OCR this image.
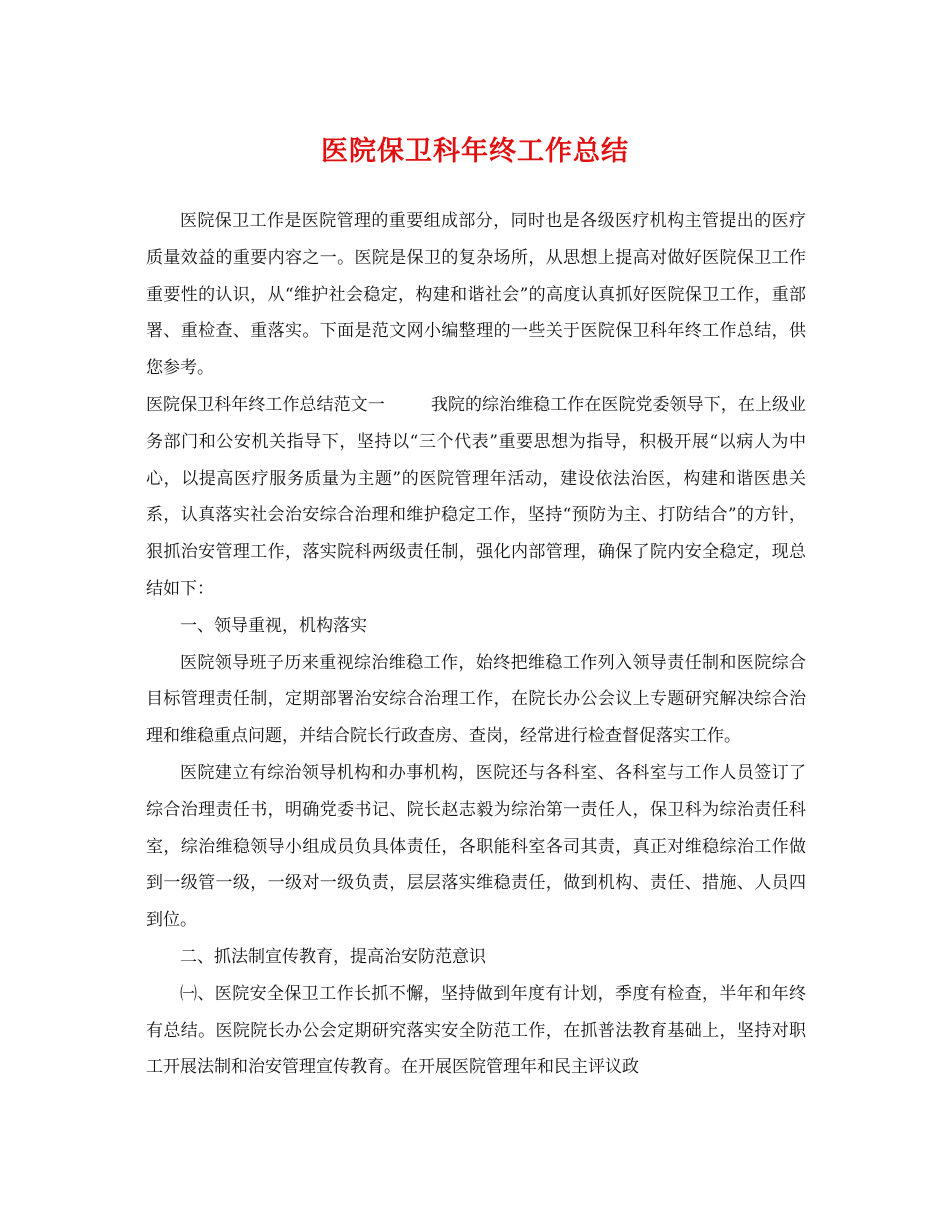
医院保卫科年终工作总结

医院保卫工作是医院管理的重要组成部分，同时也是各级医疗机构主管提出的医疗质量效益的重要内容之一。医院是保卫的复杂场所，从思想上提高对做好医院保卫工作重要性的认识，从“维护社会稳定，构建和谐社会”的高度认真抓好医院保卫工作，重部署、重检查、重落实。下面是范文网小编整理的一些关于医院保卫科年终工作总结，供您参考。

医院保卫科年终工作总结范文一	我院的综治维稳工作在医院党委领导下，在上级业务部门和公安机关指导下，坚持以“三个代表”重要思想为指导，积极开展“以病人为中心，以提高医疗服务质量为主题”的医院管理年活动，建设依法治医，构建和谐医患关系，认真落实社会治安综合治理和维护稳定工作，坚持“预防为主、打防结合”的方针，狠抓治安管理工作，落实院科两级责任制，强化内部管理，确保了院内安全稳定，现总结如下：

一、领导重视，机构落实

医院领导班子历来重视综治维稳工作，始终把维稳工作列入领导责任制和医院综合目标管理责任制，定期部署治安综合治理工作，在院长办公会议上专题研究解决综合治理和维稳重点问题，并结合院长行政查房、查岗，经常进行检查督促落实工作。

医院建立有综治领导机构和办事机构，医院还与各科室、各科室与工作人员签订了综合治理责任书，明确党委书记、院长赵志毅为综治第一责任人，保卫科为综治责任科室，综治维稳领导小组成员负具体责任，各职能科室各司其责，真正对维稳综治工作做到一级管一级，一级对一级负责，层层落实维稳责任，做到机构、责任、措施、人员四到位。

二、抓法制宣传教育，提高治安防范意识

㈠、医院安全保卫工作长抓不懈，坚持做到年度有计划，季度有检查，半年和年终有总结。医院院长办公会定期研究落实安全防范工作，在抓普法教育基础上，坚持对职工开展法制和治安管理宣传教育。在开展医院管理年和民主评议政
